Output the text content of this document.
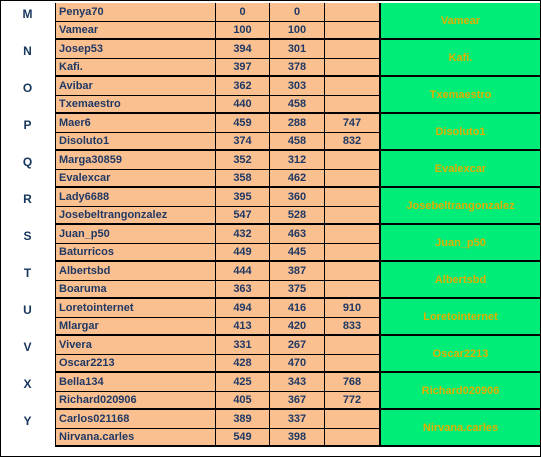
M	Penya70	0	0
Vamear	100	100
Vamear
N	Josep53	394	301
Kafi.	397	378
Kafi.
O	Avibar	362	303
Txemaestro	440	458
Txemaestro
P	Maer6	459	288	747
Disoluto1	374	458	832
Disoluto1
Q	Marga30859	352	312
Evalexcar	358	462
Evalexcar
R	Lady6688	395	360
Josebeltrangonzalez	547	528
Josebeltrangonzalez
S	Juan_p50	432	463
Baturricos	449	445
Juan_p50
T	Albertsbd	444	387
Boaruma	363	375
Albertsbd
U	Loretointernet	494	416	910
Mlargar	413	420	833
Loretointernet
V	Vivera	331	267
Oscar2213	428	470
Oscar2213
X	Bella134	425	343	768
Richard020906	405	367	772
Richard020906
Y	Carlos021168	389	337
Nirvana.carles	549	398
Nirvana.carles
